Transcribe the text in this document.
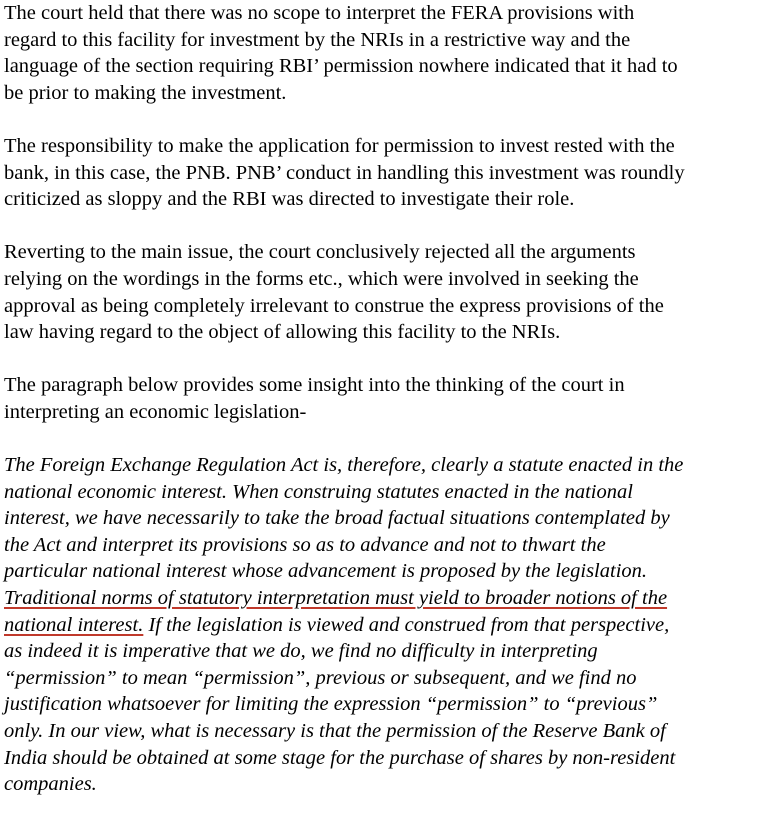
The court held that there was no scope to interpret the FERA provisions with
regard to this facility for investment by the NRIs in a restrictive way and the
language of the section requiring RBI’ permission nowhere indicated that it had to
be prior to making the investment.
The responsibility to make the application for permission to invest rested with the
bank, in this case, the PNB. PNB’ conduct in handling this investment was roundly
criticized as sloppy and the RBI was directed to investigate their role.
Reverting to the main issue, the court conclusively rejected all the arguments
relying on the wordings in the forms etc., which were involved in seeking the
approval as being completely irrelevant to construe the express provisions of the
law having regard to the object of allowing this facility to the NRIs.
The paragraph below provides some insight into the thinking of the court in
interpreting an economic legislation-
The Foreign Exchange Regulation Act is, therefore, clearly a statute enacted in the
national economic interest. When construing statutes enacted in the national
interest, we have necessarily to take the broad factual situations contemplated by
the Act and interpret its provisions so as to advance and not to thwart the
particular national interest whose advancement is proposed by the legislation.
Traditional norms of statutory interpretation must yield to broader notions of the
national interest. If the legislation is viewed and construed from that perspective,
as indeed it is imperative that we do, we find no difficulty in interpreting
“permission” to mean “permission”, previous or subsequent, and we find no
justification whatsoever for limiting the expression “permission” to “previous”
only. In our view, what is necessary is that the permission of the Reserve Bank of
India should be obtained at some stage for the purchase of shares by non-resident
companies.
